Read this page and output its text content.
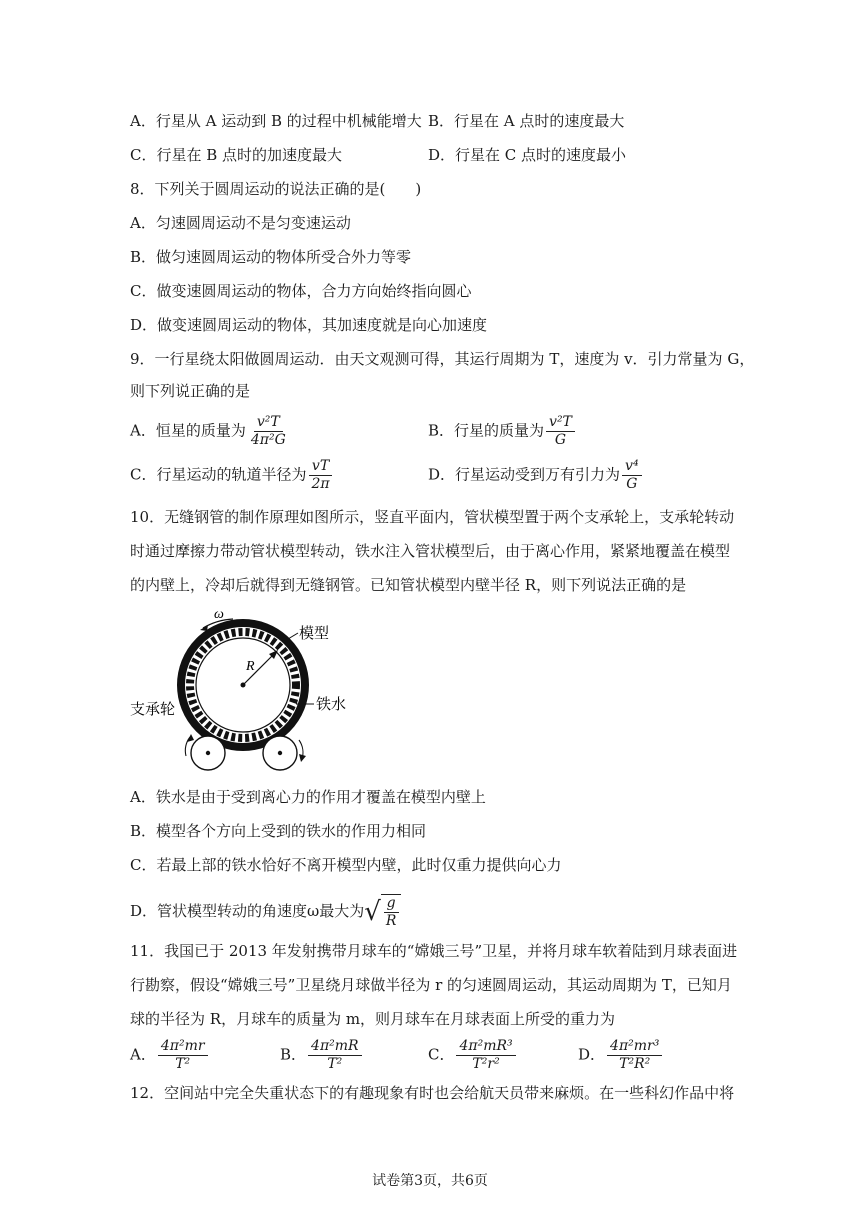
A．行星从 A 运动到 B 的过程中机械能增大 B．行星在 A 点时的速度最大
C．行星在 B 点时的加速度最大	D．行星在 C 点时的速度最小
8．下列关于圆周运动的说法正确的是(　　)
A．匀速圆周运动不是匀变速运动
B．做匀速圆周运动的物体所受合外力等零
C．做变速圆周运动的物体，合力方向始终指向圆心
D．做变速圆周运动的物体，其加速度就是向心加速度
9．一行星绕太阳做圆周运动．由天文观测可得，其运行周期为 T，速度为 v．引力常量为 G，
则下列说正确的是
A．恒星的质量为 $\frac{\text{v²T}}{\text{4π²G}}$	B．行星的质量为 $\frac{\text{v²T}}{G}$
C．行星运动的轨道半径为 $\frac{vT}{2\pi}$	D．行星运动受到万有引力为 $\frac{\text{v⁴}}{G}$
10．无缝钢管的制作原理如图所示，竖直平面内，管状模型置于两个支承轮上，支承轮转动
时通过摩擦力带动管状模型转动，铁水注入管状模型后，由于离心作用，紧紧地覆盖在模型
的内壁上，冷却后就得到无缝钢管。已知管状模型内壁半径 R，则下列说法正确的是
R
ω
模型
铁水
支承轮
A．铁水是由于受到离心力的作用才覆盖在模型内壁上
B．模型各个方向上受到的铁水的作用力相同
C．若最上部的铁水恰好不离开模型内壁，此时仅重力提供向心力
D．管状模型转动的角速度ω最大为 √ $\frac{g}{R}$
11．我国已于 2013 年发射携带月球车的“嫦娥三号”卫星，并将月球车软着陆到月球表面进
行勘察，假设“嫦娥三号”卫星绕月球做半径为 r 的匀速圆周运动，其运动周期为 T，已知月
球的半径为 R，月球车的质量为 m，则月球车在月球表面上所受的重力为
A． $\frac{\text{4π²mr}}{\text{T²}}$	B． $\frac{\text{4π²mR}}{\text{T²}}$	C． $\frac{\text{4π²mR³}}{\text{T²r²}}$	D． $\frac{\text{4π²mr³}}{\text{T²R²}}$
12．空间站中完全失重状态下的有趣现象有时也会给航天员带来麻烦。在一些科幻作品中将
试卷第3页，共6页
